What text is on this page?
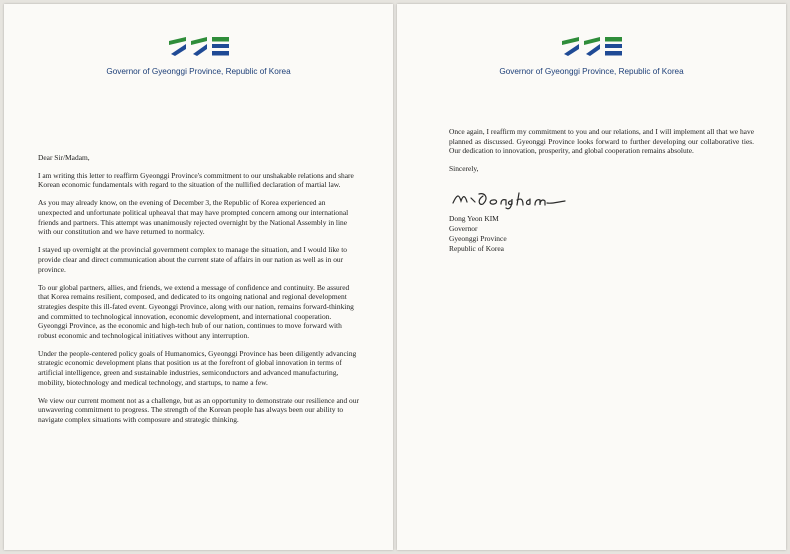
Governor of Gyeonggi Province, Republic of Korea

Dear Sir/Madam,

I am writing this letter to reaffirm Gyeonggi Province's commitment to our unshakable relations and share Korean economic fundamentals with regard to the situation of the nullified declaration of martial law.

As you may already know, on the evening of December 3, the Republic of Korea experienced an unexpected and unfortunate political upheaval that may have prompted concern among our international friends and partners. This attempt was unanimously rejected overnight by the National Assembly in line with our constitution and we have returned to normalcy.

I stayed up overnight at the provincial government complex to manage the situation, and I would like to provide clear and direct communication about the current state of affairs in our nation as well as in our province.

To our global partners, allies, and friends, we extend a message of confidence and continuity. Be assured that Korea remains resilient, composed, and dedicated to its ongoing national and regional development strategies despite this ill-fated event. Gyeonggi Province, along with our nation, remains forward-thinking and committed to technological innovation, economic development, and international cooperation. Gyeonggi Province, as the economic and high-tech hub of our nation, continues to move forward with robust economic and technological initiatives without any interruption.

Under the people-centered policy goals of Humanomics, Gyeonggi Province has been diligently advancing strategic economic development plans that position us at the forefront of global innovation in terms of artificial intelligence, green and sustainable industries, semiconductors and advanced manufacturing, mobility, biotechnology and medical technology, and startups, to name a few.

We view our current moment not as a challenge, but as an opportunity to demonstrate our resilience and our unwavering commitment to progress. The strength of the Korean people has always been our ability to navigate complex situations with composure and strategic thinking.

Governor of Gyeonggi Province, Republic of Korea

Once again, I reaffirm my commitment to you and our relations, and I will implement all that we have planned as discussed. Gyeonggi Province looks forward to further developing our collaborative ties. Our dedication to innovation, prosperity, and global cooperation remains absolute.

Sincerely,

Dong Yeon KIM
Governor
Gyeonggi Province
Republic of Korea
